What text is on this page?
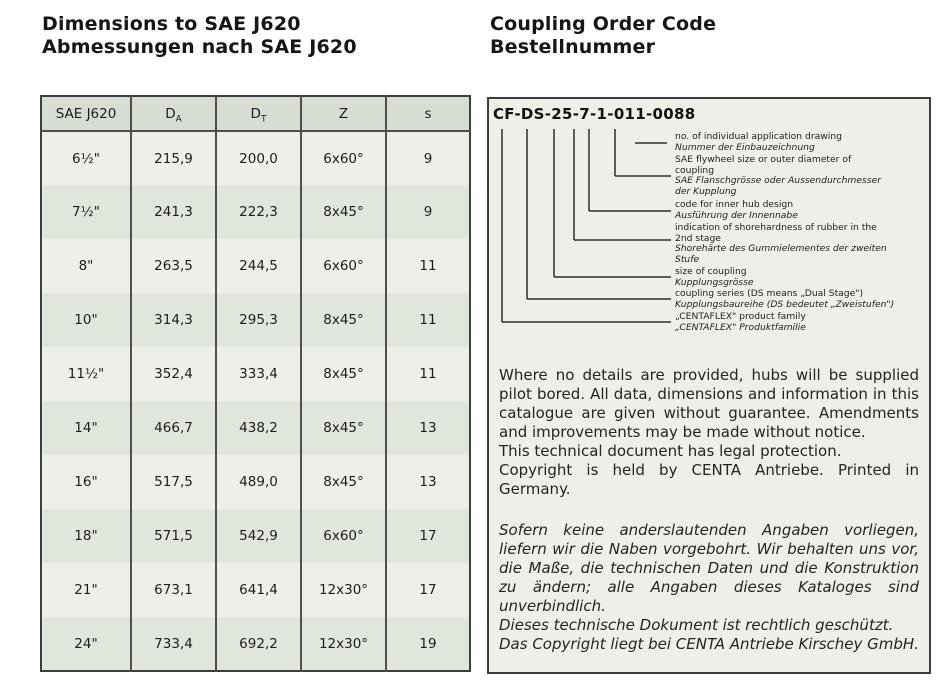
Dimensions to SAE J620
Abmessungen nach SAE J620
SAE J620	$D_A$	$D_T$	Z	s
6½"	215,9	200,0	6x60°	9
7½"	241,3	222,3	8x45°	9
8"	263,5	244,5	6x60°	11
10"	314,3	295,3	8x45°	11
11½"	352,4	333,4	8x45°	11
14"	466,7	438,2	8x45°	13
16"	517,5	489,0	8x45°	13
18"	571,5	542,9	6x60°	17
21"	673,1	641,4	12x30°	17
24"	733,4	692,2	12x30°	19
Coupling Order Code
Bestellnummer
CF-DS-25-7-1-011-0088
no. of individual application drawing
Nummer der Einbauzeichnung
SAE flywheel size or outer diameter of
coupling
SAE Flanschgrösse oder Aussendurchmesser
der Kupplung
code for inner hub design
Ausführung der Innennabe
indication of shorehardness of rubber in the
2nd stage
Shorehärte des Gummielementes der zweiten
Stufe
size of coupling
Kupplungsgrösse
coupling series (DS means „Dual Stage")
Kupplungsbaureihe (DS bedeutet „Zweistufen")
„CENTAFLEX" product family
„CENTAFLEX" Produktfamilie
Where no details are provided, hubs will be supplied pilot bored. All data, dimensions and information in this catalogue are given without guarantee. Amendments and improvements may be made without notice.
This technical document has legal protection.
Copyright is held by CENTA Antriebe. Printed in Germany.
Sofern keine anderslautenden Angaben vorliegen, liefern wir die Naben vorgebohrt. Wir behalten uns vor, die Maße, die technischen Daten und die Konstruktion zu ändern; alle Angaben dieses Kataloges sind unverbindlich.
Dieses technische Dokument ist rechtlich geschützt.
Das Copyright liegt bei CENTA Antriebe Kirschey GmbH.
